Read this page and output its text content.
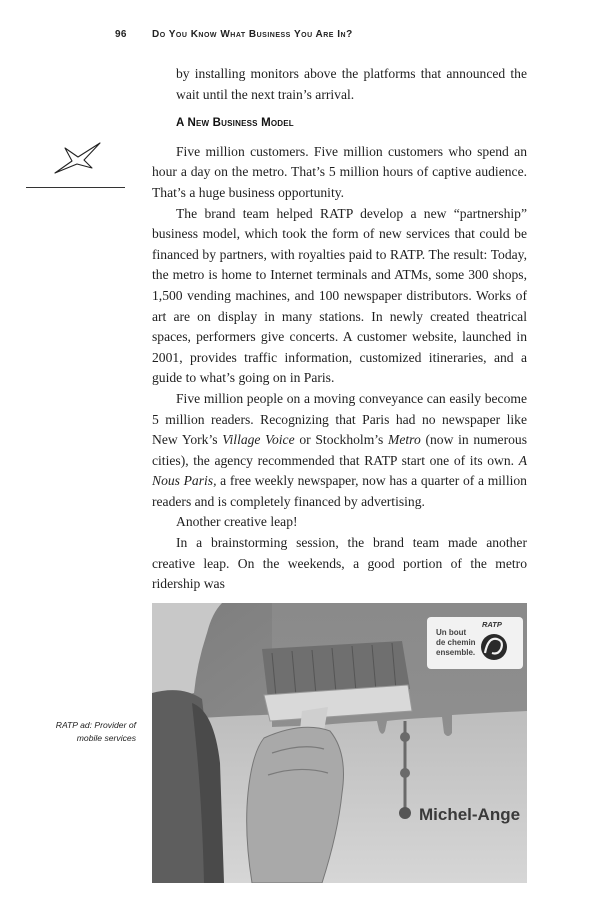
96	Do You Know What Business You Are In?

by installing monitors above the platforms that announced the wait until the next train’s arrival.

A New Business Model

Five million customers. Five million customers who spend an hour a day on the metro. That’s 5 million hours of captive audience. That’s a huge business opportunity.

The brand team helped RATP develop a new “partnership” business model, which took the form of new services that could be financed by partners, with royalties paid to RATP. The result: Today, the metro is home to Internet terminals and ATMs, some 300 shops, 1,500 vending machines, and 100 newspaper distributors. Works of art are on display in many stations. In newly created theatrical spaces, performers give concerts. A customer website, launched in 2001, provides traffic information, customized itineraries, and a guide to what’s going on in Paris.

Five million people on a moving conveyance can easily become 5 million readers. Recognizing that Paris had no newspaper like New York’s Village Voice or Stockholm’s Metro (now in numerous cities), the agency recommended that RATP start one of its own. A Nous Paris, a free weekly newspaper, now has a quarter of a million readers and is completely financed by advertising.

Another creative leap!

In a brainstorming session, the brand team made another creative leap. On the weekends, a good portion of the metro ridership was

RATP ad: Provider of
mobile services
Michel-Ange
Un bout
de chemin
ensemble.
RATP
